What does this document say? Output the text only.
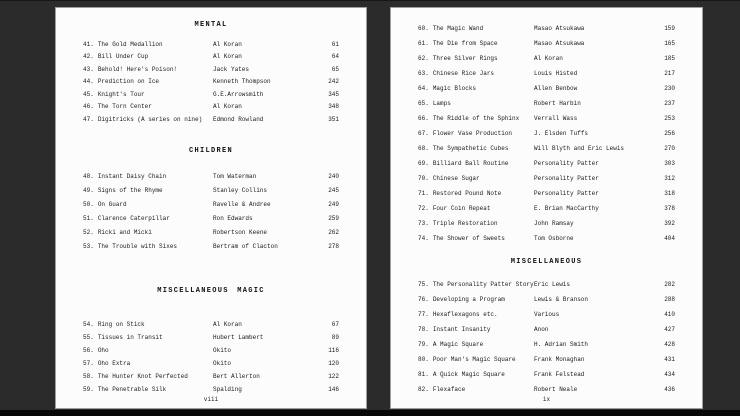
MENTAL
41. The Gold Medallion	Al Koran	61
42. Bill Under Cup	Al Koran	64
43. Behold! Here's Poison!	Jack Yates	65
44. Prediction on Ice	Kenneth Thompson	242
45. Knight's Tour	G.E.Arrowsmith	345
46. The Torn Center	Al Koran	348
47. Digitricks (A series on nine) Edmond Rowland	351
CHILDREN
48. Instant Daisy Chain	Tom Waterman	240
49. Signs of the Rhyme	Stanley Collins	245
50. On Guard	Ravelle & Andree	249
51. Clarence Caterpillar	Ron Edwards	259
52. Ricki and Micki	Robertson Keene	262
53. The Trouble with Sixes	Bertram of Clacton	278
MISCELLANEOUS MAGIC
54. Ring on Stick	Al Koran	67
55. Tissues in Transit	Hubert Lambert	89
56. Oho	Okito	116
57. Oho Extra	Okito	120
58. The Hunter Knot Perfected	Bert Allerton	122
59. The Penetrable Silk	Spalding	146
viii
60. The Magic Wand	Masao Atsukawa	159
61. The Die from Space	Masao Atsukawa	165
62. Three Silver Rings	Al Koran	185
63. Chinese Rice Jars	Louis Histed	217
64. Magic Blocks	Allen Benbow	230
65. Lamps	Robert Harbin	237
66. The Riddle of the Sphinx Verrall Wass	253
67. Flower Vase Production	J. Elsden Tuffs	256
68. The Sympathetic Cubes	Will Blyth and Eric Lewis	270
69. Billiard Ball Routine	Personality Patter	303
70. Chinese Sugar	Personality Patter	312
71. Restored Pound Note	Personality Patter	318
72. Four Coin Repeat	E. Brian MacCarthy	378
73. Triple Restoration	John Ramsay	392
74. The Shower of Sweets	Tom Osborne	404
MISCELLANEOUS
75. The Personality Patter Story Eric Lewis	282
76. Developing a Program	Lewis & Branson	288
77. Hexaflexagons etc.	Various	410
78. Instant Insanity	Anon	427
79. A Magic Square	H. Adrian Smith	428
80. Poor Man's Magic Square	Frank Monaghan	431
81. A Quick Magic Square	Frank Felstead	434
82. Flexaface	Robert Neale	436
ix
